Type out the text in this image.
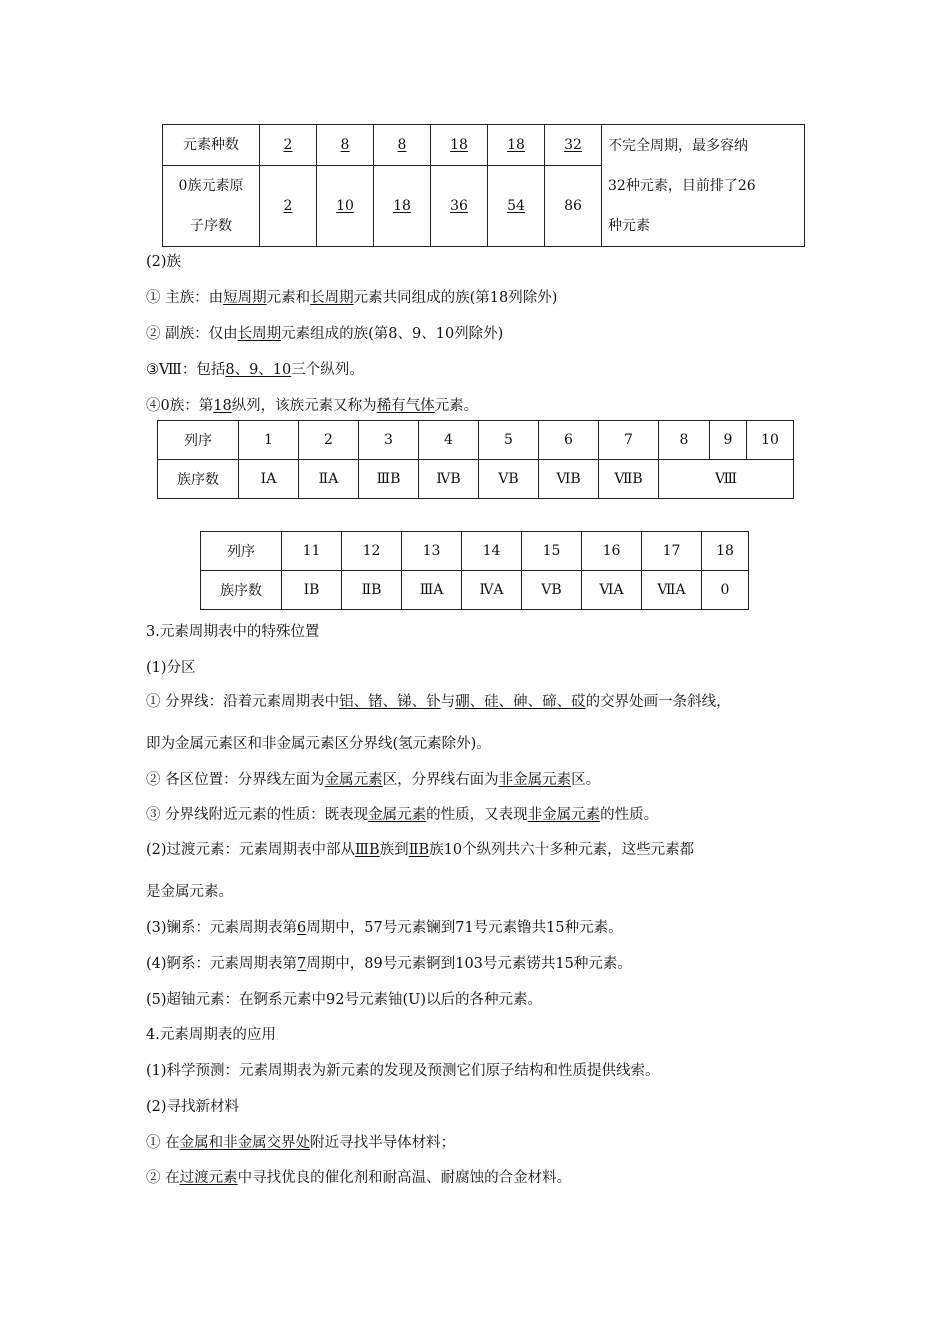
元素种数	2	8	8	18	18	32	不完全周期，最多容纳
32种元素，目前排了26
种元素

0族元素原
子序数	2	10	18	36	54	86	
(2)族
① 主族：由短周期元素和长周期元素共同组成的族(第18列除外)
② 副族：仅由长周期元素组成的族(第8、9、10列除外)
③Ⅷ：包括8、9、10三个纵列。
④0族：第18纵列，该族元素又称为稀有气体元素。
列序	1	2	3	4	5	6	7	8	9	10
族序数	ⅠA	ⅡA	ⅢB	ⅣB	ⅤB	ⅥB	ⅦB	Ⅷ		
列序	11	12	13	14	15	16	17	18
族序数	ⅠB	ⅡB	ⅢA	ⅣA	ⅤB	ⅥA	ⅦA	0
3.元素周期表中的特殊位置
(1)分区
① 分界线：沿着元素周期表中铝、锗、锑、钋与硼、硅、砷、碲、砹的交界处画一条斜线，
即为金属元素区和非金属元素区分界线(氢元素除外)。
② 各区位置：分界线左面为金属元素区，分界线右面为非金属元素区。
③ 分界线附近元素的性质：既表现金属元素的性质，又表现非金属元素的性质。
(2)过渡元素：元素周期表中部从ⅢB族到ⅡB族10个纵列共六十多种元素，这些元素都
是金属元素。
(3)镧系：元素周期表第6周期中，57号元素镧到71号元素镥共15种元素。
(4)锕系：元素周期表第7周期中，89号元素锕到103号元素铹共15种元素。
(5)超铀元素：在锕系元素中92号元素铀(U)以后的各种元素。
4.元素周期表的应用
(1)科学预测：元素周期表为新元素的发现及预测它们原子结构和性质提供线索。
(2)寻找新材料
① 在金属和非金属交界处附近寻找半导体材料；
② 在过渡元素中寻找优良的催化剂和耐高温、耐腐蚀的合金材料。
